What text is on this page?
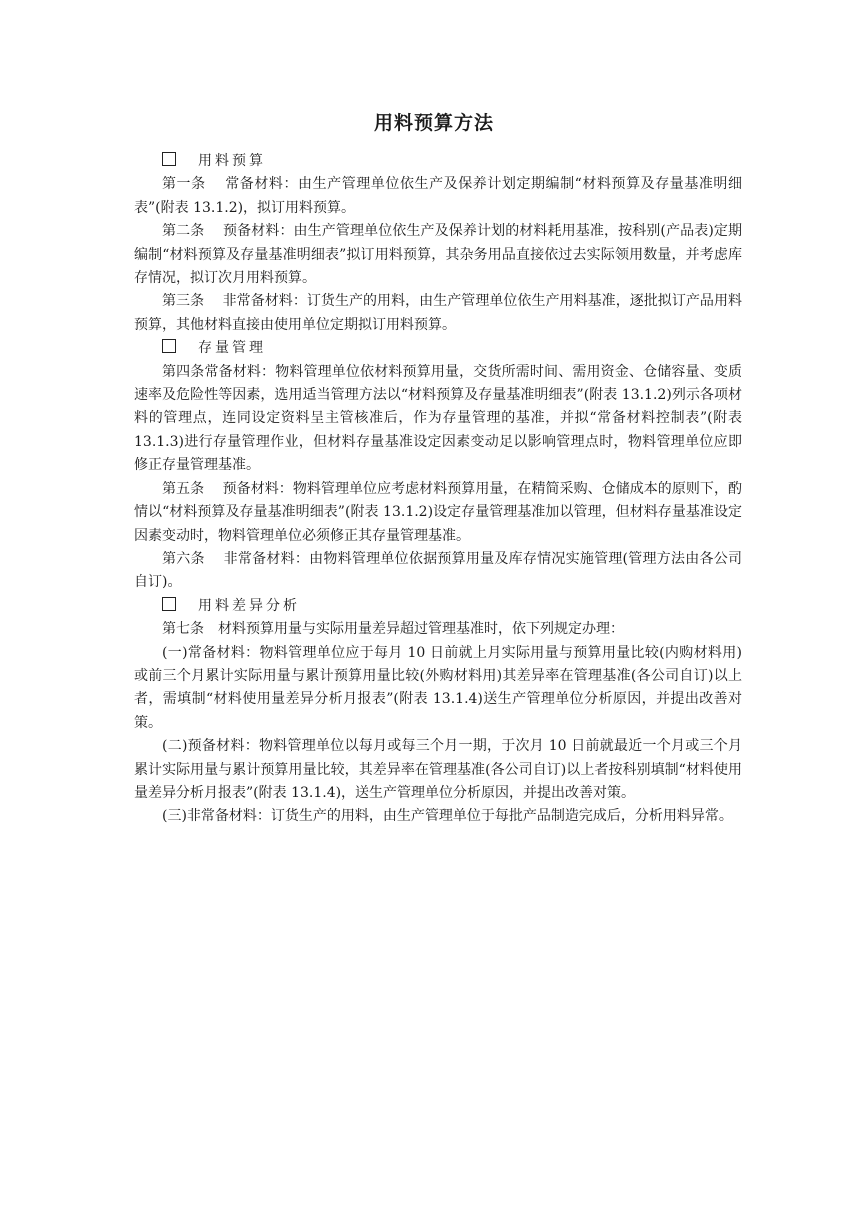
用料预算方法

用料预算

第一条　 常备材料：由生产管理单位依生产及保养计划定期编制“材料预算及存量基准明细表”(附表 13.1.2)，拟订用料预算。

第二条　 预备材料：由生产管理单位依生产及保养计划的材料耗用基准，按科别(产品表)定期编制“材料预算及存量基准明细表”拟订用料预算，其杂务用品直接依过去实际领用数量，并考虑库存情况，拟订次月用料预算。

第三条　 非常备材料：订货生产的用料，由生产管理单位依生产用料基准，逐批拟订产品用料预算，其他材料直接由使用单位定期拟订用料预算。

存量管理

第四条常备材料：物料管理单位依材料预算用量，交货所需时间、需用资金、仓储容量、变质速率及危险性等因素，选用适当管理方法以“材料预算及存量基准明细表”(附表 13.1.2)列示各项材料的管理点，连同设定资料呈主管核准后，作为存量管理的基准，并拟“常备材料控制表”(附表 13.1.3)进行存量管理作业，但材料存量基准设定因素变动足以影响管理点时，物料管理单位应即修正存量管理基准。

第五条　 预备材料：物料管理单位应考虑材料预算用量，在精简采购、仓储成本的原则下，酌情以“材料预算及存量基准明细表”(附表 13.1.2)设定存量管理基准加以管理，但材料存量基准设定因素变动时，物料管理单位必须修正其存量管理基准。

第六条　 非常备材料：由物料管理单位依据预算用量及库存情况实施管理(管理方法由各公司自订)。

用料差异分析

第七条　材料预算用量与实际用量差异超过管理基准时，依下列规定办理：

(一)常备材料：物料管理单位应于每月 10 日前就上月实际用量与预算用量比较(内购材料用)或前三个月累计实际用量与累计预算用量比较(外购材料用)其差异率在管理基准(各公司自订)以上者，需填制“材料使用量差异分析月报表”(附表 13.1.4)送生产管理单位分析原因，并提出改善对策。

(二)预备材料：物料管理单位以每月或每三个月一期，于次月 10 日前就最近一个月或三个月累计实际用量与累计预算用量比较，其差异率在管理基准(各公司自订)以上者按科别填制“材料使用量差异分析月报表”(附表 13.1.4)，送生产管理单位分析原因，并提出改善对策。

(三)非常备材料：订货生产的用料，由生产管理单位于每批产品制造完成后，分析用料异常。
